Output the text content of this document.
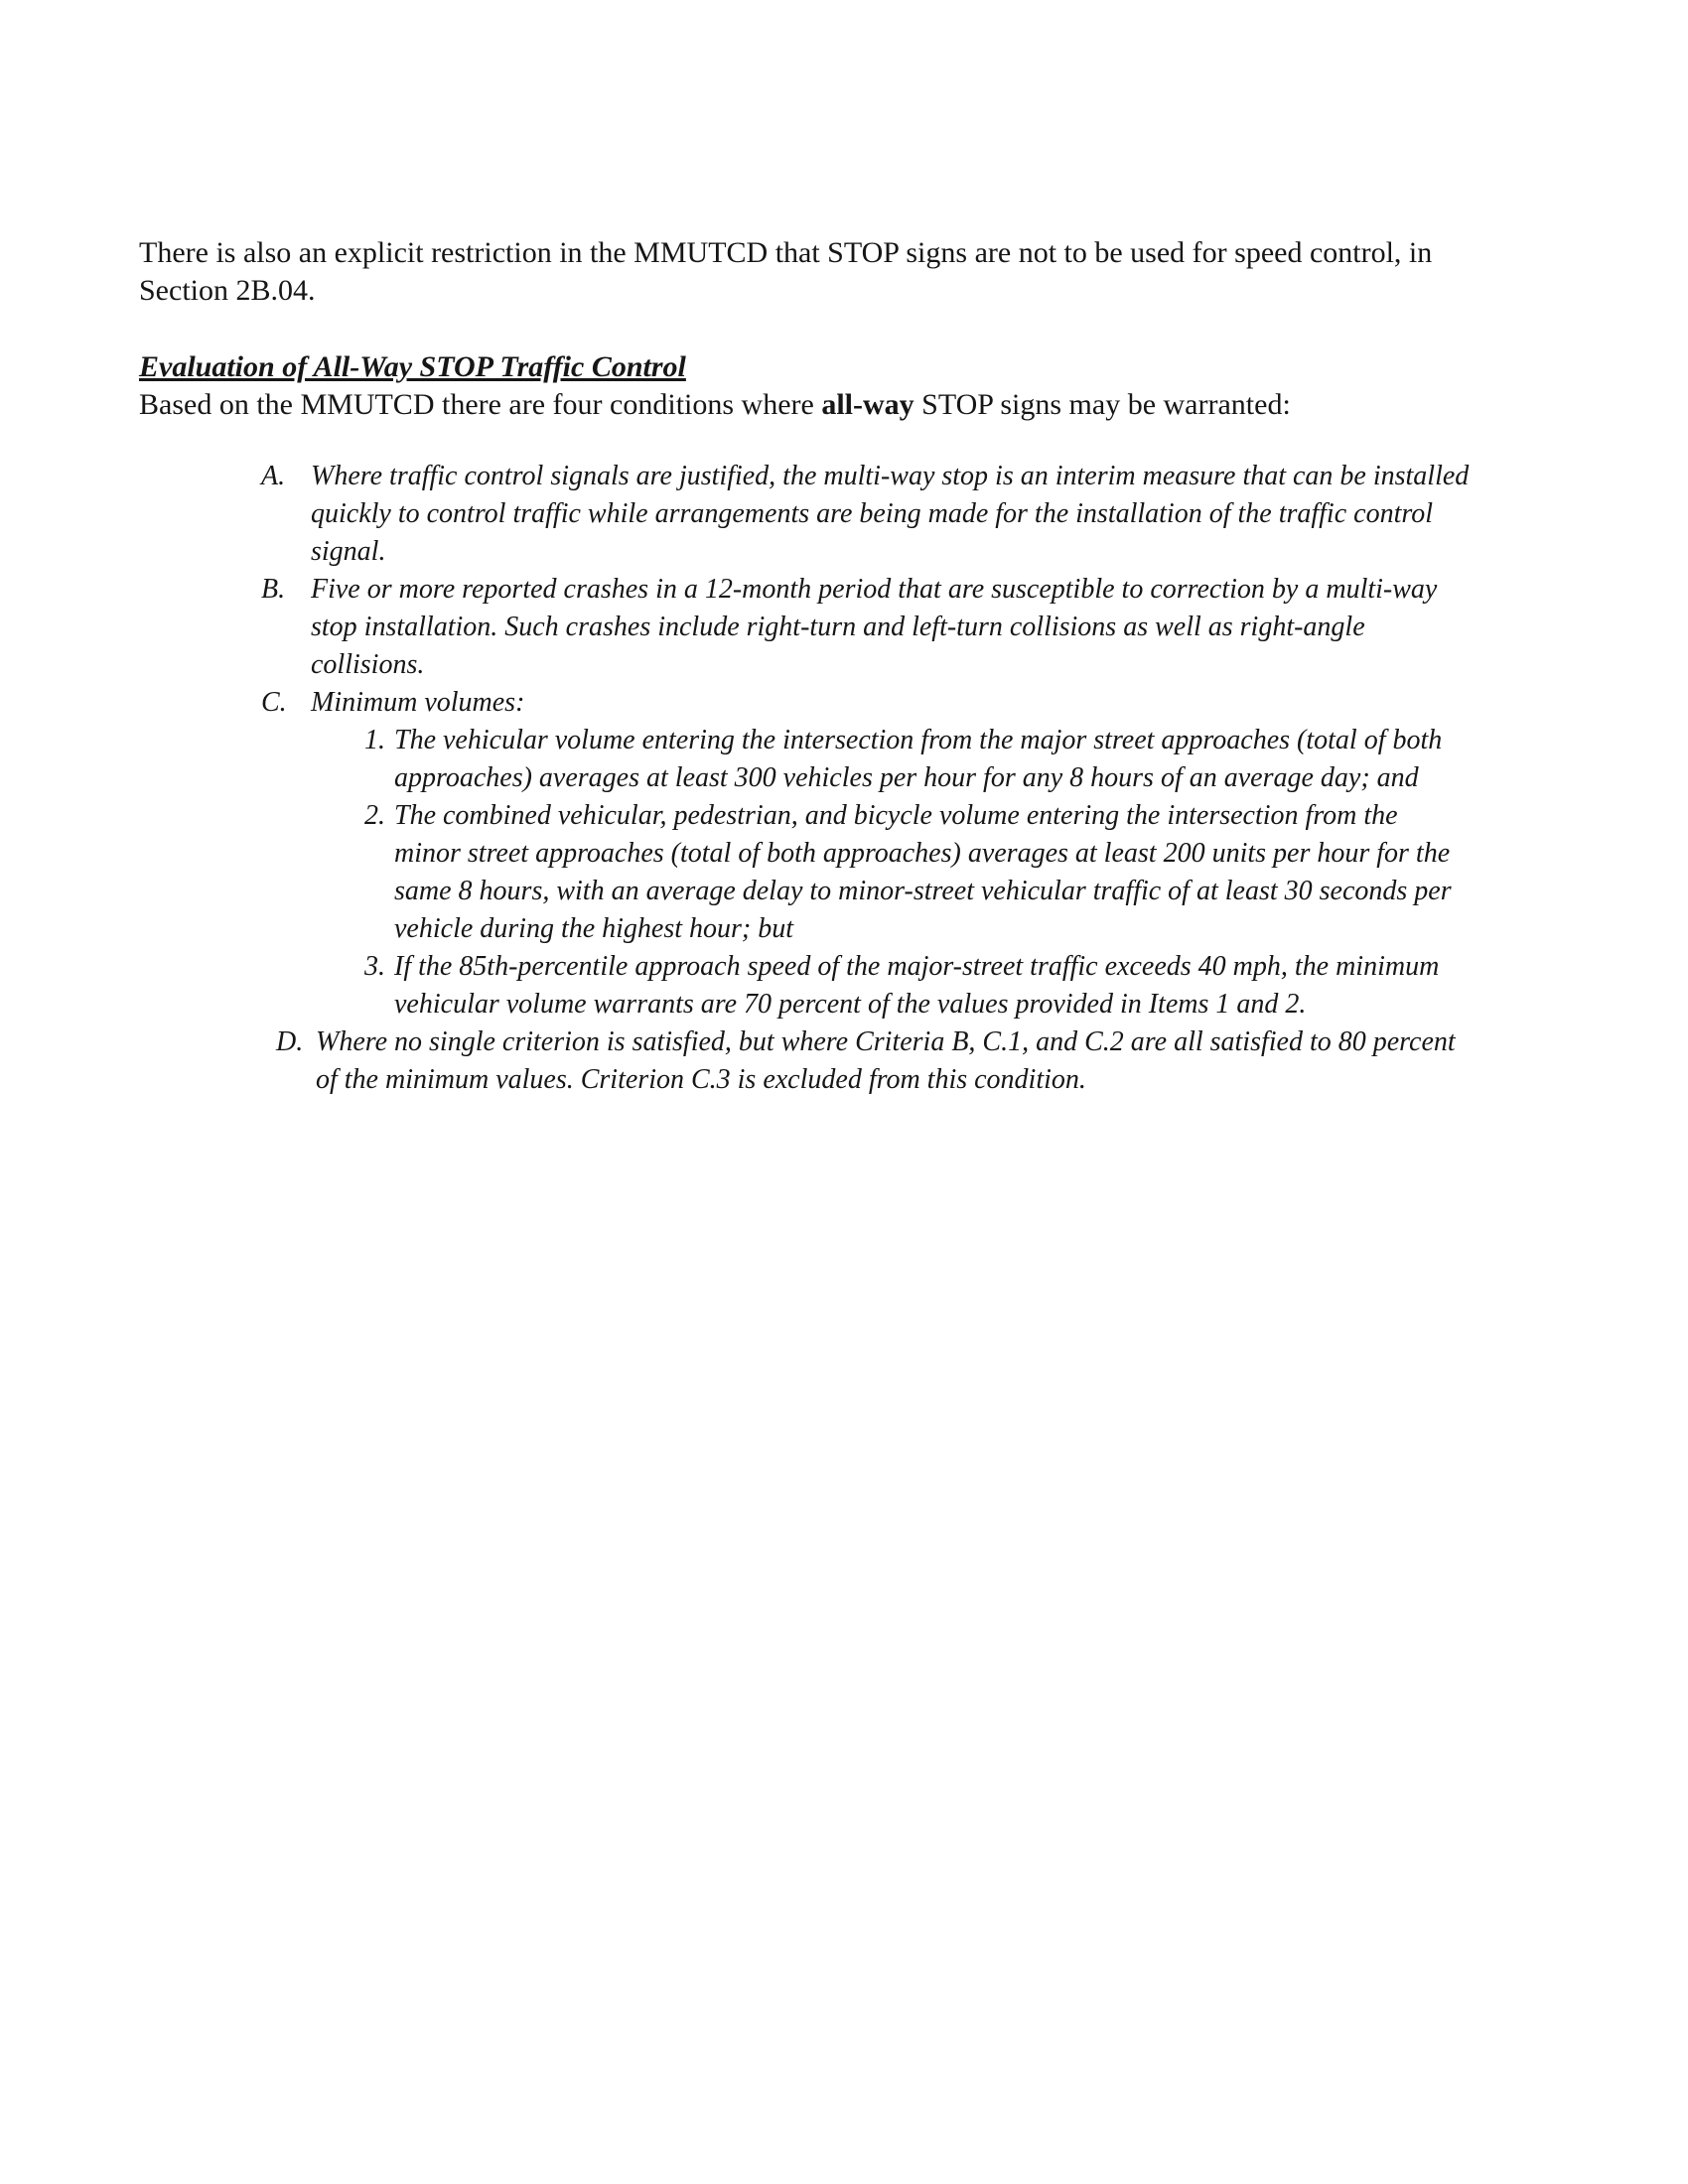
There is also an explicit restriction in the MMUTCD that STOP signs are not to be used for speed control, in Section 2B.04.

Evaluation of All-Way STOP Traffic Control

Based on the MMUTCD there are four conditions where all-way STOP signs may be warranted:

A. Where traffic control signals are justified, the multi-way stop is an interim measure that can be installed quickly to control traffic while arrangements are being made for the installation of the traffic control signal.
B. Five or more reported crashes in a 12-month period that are susceptible to correction by a multi-way stop installation. Such crashes include right-turn and left-turn collisions as well as right-angle collisions.
C. Minimum volumes:
1. The vehicular volume entering the intersection from the major street approaches (total of both approaches) averages at least 300 vehicles per hour for any 8 hours of an average day; and
2. The combined vehicular, pedestrian, and bicycle volume entering the intersection from the minor street approaches (total of both approaches) averages at least 200 units per hour for the same 8 hours, with an average delay to minor-street vehicular traffic of at least 30 seconds per vehicle during the highest hour; but
3. If the 85th-percentile approach speed of the major-street traffic exceeds 40 mph, the minimum vehicular volume warrants are 70 percent of the values provided in Items 1 and 2.
D. Where no single criterion is satisfied, but where Criteria B, C.1, and C.2 are all satisfied to 80 percent of the minimum values. Criterion C.3 is excluded from this condition.
